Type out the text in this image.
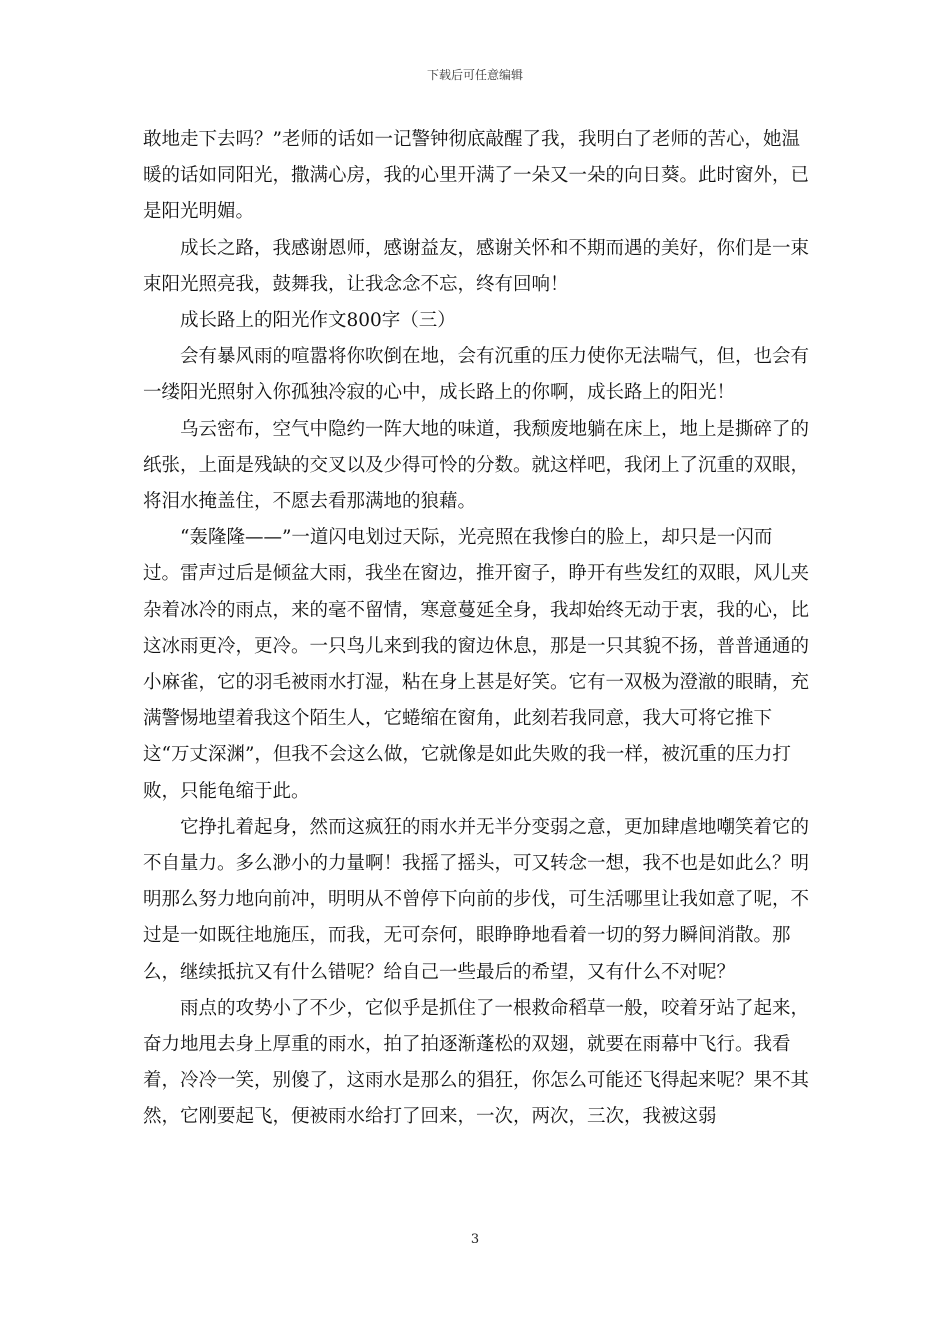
下载后可任意编辑

敢地走下去吗？”老师的话如一记警钟彻底敲醒了我，我明白了老师的苦心，她温暖的话如同阳光，撒满心房，我的心里开满了一朵又一朵的向日葵。此时窗外，已是阳光明媚。

　　成长之路，我感谢恩师，感谢益友，感谢关怀和不期而遇的美好，你们是一束束阳光照亮我，鼓舞我，让我念念不忘，终有回响！

　　成长路上的阳光作文800字（三）

　　会有暴风雨的喧嚣将你吹倒在地，会有沉重的压力使你无法喘气，但，也会有一缕阳光照射入你孤独冷寂的心中，成长路上的你啊，成长路上的阳光！

　　乌云密布，空气中隐约一阵大地的味道，我颓废地躺在床上，地上是撕碎了的纸张，上面是残缺的交叉以及少得可怜的分数。就这样吧，我闭上了沉重的双眼，将泪水掩盖住，不愿去看那满地的狼藉。

　　“轰隆隆——”一道闪电划过天际，光亮照在我惨白的脸上，却只是一闪而过。雷声过后是倾盆大雨，我坐在窗边，推开窗子，睁开有些发红的双眼，风儿夹杂着冰冷的雨点，来的毫不留情，寒意蔓延全身，我却始终无动于衷，我的心，比这冰雨更冷，更冷。一只鸟儿来到我的窗边休息，那是一只其貌不扬，普普通通的小麻雀，它的羽毛被雨水打湿，粘在身上甚是好笑。它有一双极为澄澈的眼睛，充满警惕地望着我这个陌生人，它蜷缩在窗角，此刻若我同意，我大可将它推下这“万丈深渊”，但我不会这么做，它就像是如此失败的我一样，被沉重的压力打败，只能龟缩于此。

　　它挣扎着起身，然而这疯狂的雨水并无半分变弱之意，更加肆虐地嘲笑着它的不自量力。多么渺小的力量啊！我摇了摇头，可又转念一想，我不也是如此么？明明那么努力地向前冲，明明从不曾停下向前的步伐，可生活哪里让我如意了呢，不过是一如既往地施压，而我，无可奈何，眼睁睁地看着一切的努力瞬间消散。那么，继续抵抗又有什么错呢？给自己一些最后的希望，又有什么不对呢？

　　雨点的攻势小了不少，它似乎是抓住了一根救命稻草一般，咬着牙站了起来，奋力地甩去身上厚重的雨水，拍了拍逐渐蓬松的双翅，就要在雨幕中飞行。我看着，冷冷一笑，别傻了，这雨水是那么的猖狂，你怎么可能还飞得起来呢？果不其然，它刚要起飞，便被雨水给打了回来，一次，两次，三次，我被这弱

3
